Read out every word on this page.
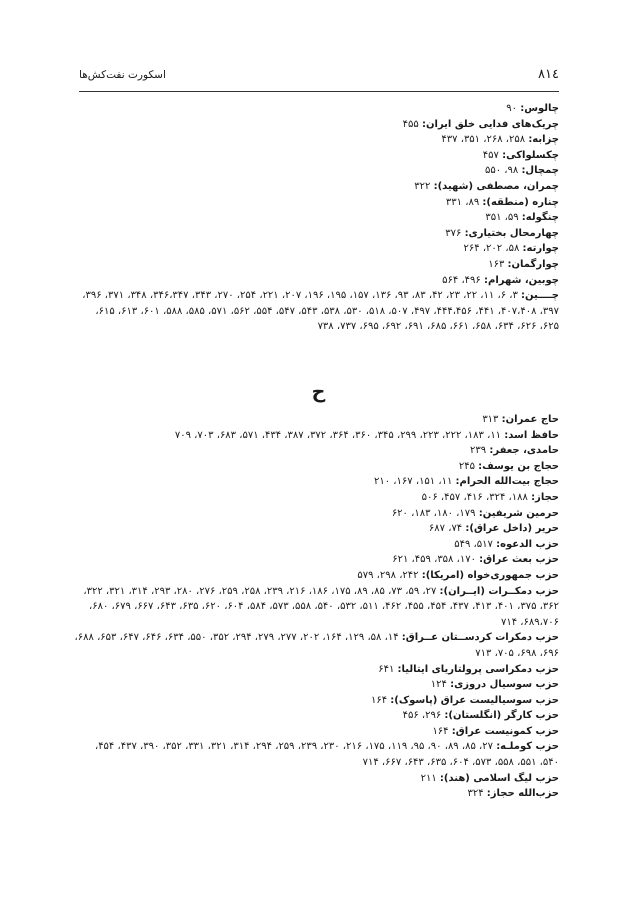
٨١٤
اسکورت نفت‌کش‌ها
چالوس: ۹۰
چریک‌های فدایی خلق ایران: ۴۵۵
چزابه: ۲۵۸، ۲۶۸، ۳۵۱، ۴۳۷
چکسلواکی: ۴۵۷
چمچال: ۹۸، ۵۵۰
چمران، مصطفی (شهید): ۳۲۲
چناره (منطقه): ۸۹، ۳۳۱
چنگوله: ۵۹، ۳۵۱
چهارمحال بختیاری: ۳۷۶
چوارته: ۵۸، ۲۰۲، ۲۶۴
چوارگمان: ۱۶۳
چوبین، شهرام: ۴۹۶، ۵۶۴
چــــین: ۳، ۶، ۱۱، ۲۲، ۲۳، ۴۲، ۸۳، ۹۳، ۱۳۶، ۱۵۷، ۱۹۵، ۱۹۶، ۲۰۷، ۲۲۱، ۲۵۴، ۲۷۰، ۳۴۳، ۳۴۶،۳۴۷، ۳۴۸، ۳۷۱، ۳۹۶، ۳۹۷، ۴۰۷،۴۰۸، ۴۴۱، ۴۴۴،۴۵۶، ۴۹۷، ۵۰۷، ۵۱۸، ۵۳۰، ۵۳۸، ۵۴۳، ۵۴۷، ۵۵۴، ۵۶۲، ۵۷۱، ۵۸۵، ۵۸۸، ۶۰۱، ۶۱۳، ۶۱۵، ۶۲۵، ۶۲۶، ۶۳۴، ۶۵۸، ۶۶۱، ۶۸۵، ۶۹۱، ۶۹۲، ۶۹۵، ۷۳۷، ۷۳۸
ح
حاج عمران: ۳۱۳
حافظ اسد: ۱۱، ۱۸۳، ۲۲۲، ۲۲۳، ۲۹۹، ۳۴۵، ۳۶۰، ۳۶۴، ۳۷۲، ۳۸۷، ۴۳۴، ۵۷۱، ۶۸۳، ۷۰۳، ۷۰۹
حامدی، جعفر: ۲۳۹
حجاج بن یوسف: ۲۴۵
حجاج بیت‌الله الحرام: ۱۱، ۱۵۱، ۱۶۷، ۲۱۰
حجاز: ۱۸۸، ۳۲۴، ۴۱۶، ۴۵۷، ۵۰۶
حرمین شریفین: ۱۷۹، ۱۸۰، ۱۸۳، ۶۲۰
حریر (داخل عراق): ۷۴، ۶۸۷
حزب الدعوه: ۵۱۷، ۵۴۹
حزب بعث عراق: ۱۷۰، ۳۵۸، ۴۵۹، ۶۲۱
حزب جمهوری‌خواه (امریکا): ۲۴۲، ۲۹۸، ۵۷۹
حزب دمکــرات (ایــران): ۲۷، ۵۹، ۷۳، ۸۵، ۸۹، ۱۷۵، ۱۸۶، ۲۱۶، ۲۳۹، ۲۵۸، ۲۵۹، ۲۷۶، ۲۸۰، ۲۹۳، ۳۱۴، ۳۲۱، ۳۲۲، ۳۶۲، ۳۷۵، ۴۰۱، ۴۱۳، ۴۳۷، ۴۵۴، ۴۵۵، ۴۶۲، ۵۱۱، ۵۳۲، ۵۴۰، ۵۵۸، ۵۷۳، ۵۸۴، ۶۰۴، ۶۲۰، ۶۳۵، ۶۴۳، ۶۶۷، ۶۷۹، ۶۸۰، ۶۸۹،۷۰۶، ۷۱۴
حزب دمکرات کردســتان عــراق: ۱۴، ۵۸، ۱۲۹، ۱۶۴، ۲۰۲، ۲۷۷، ۲۷۹، ۲۹۴، ۳۵۲، ۵۵۰، ۶۳۴، ۶۴۶، ۶۴۷، ۶۵۳، ۶۸۸، ۶۹۶، ۶۹۸، ۷۰۵، ۷۱۳
حزب دمکراسی پرولتاریای ایتالیا: ۶۴۱
حزب سوسیال دروزی: ۱۲۴
حزب سوسیالیست عراق (پاسوک): ۱۶۴
حزب کارگر (انگلستان): ۲۹۶، ۴۵۶
حزب کمونیست عراق: ۱۶۴
حزب کوملـه: ۲۷، ۸۵، ۸۹، ۹۰، ۹۵، ۱۱۹، ۱۷۵، ۲۱۶، ۲۳۰، ۲۳۹، ۲۵۹، ۲۹۴، ۳۱۴، ۳۲۱، ۳۳۱، ۳۵۲، ۳۹۰، ۴۳۷، ۴۵۴، ۵۴۰، ۵۵۱، ۵۵۸، ۵۷۳، ۶۰۴، ۶۳۵، ۶۴۳، ۶۶۷، ۷۱۴
حزب لیگ اسلامی (هند): ۲۱۱
حزب‌الله حجاز: ۳۲۴
